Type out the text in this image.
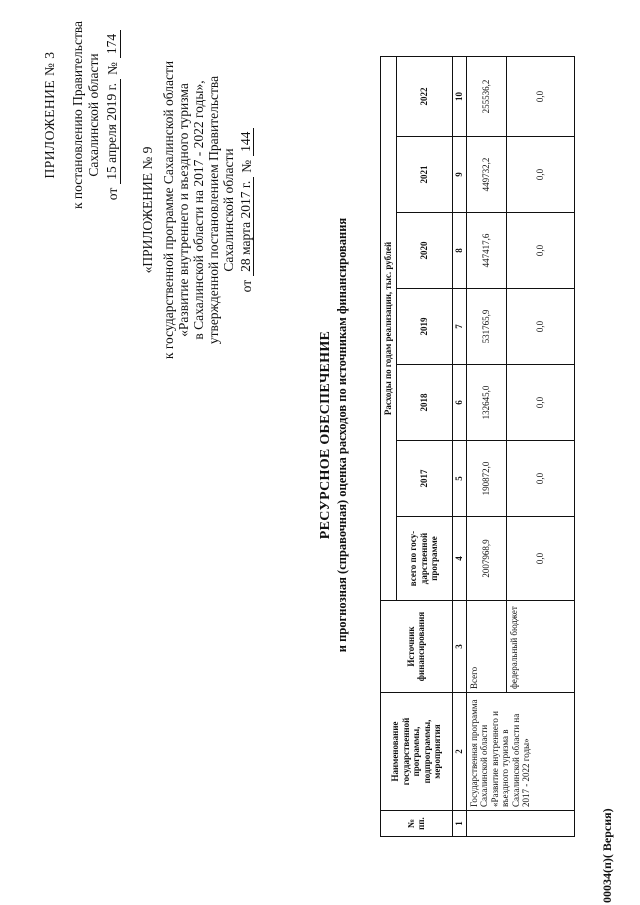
ПРИЛОЖЕНИЕ № 3 к постановлению Правительства Сахалинской области
от
15 апреля 2019 г.
№
174
«ПРИЛОЖЕНИЕ № 9 к государственной программе Сахалинской области «Развитие внутреннего и въездного туризма в Сахалинской области на 2017 - 2022 годы», утвержденной постановлением Правительства Сахалинской области
от
28 марта 2017 г.
№
144
РЕСУРСНОЕ ОБЕСПЕЧЕНИЕ и прогнозная (справочная) оценка расходов по источникам финансирования
№ пп.	Наименование государственной программы, подпрограммы, мероприятия	Источник финансирования	Расходы по годам реализации, тыс. рублей						
			всего по госу- дарственной программе	2017	2018	2019	2020	2021	2022
1	2	3	4	5	6	7	8	9	10
	Государственная программа Сахалинской области «Развитие внутреннего и въездного туризма в Сахалинской области на 2017 - 2022 годы»	Всего	2007968,9	190872,0	132645,0	531765,9	447417,6	449732,2	255536,2
		федеральный бюджет	0,0	0,0	0,0	0,0	0,0	0,0	0,0
00034(п)( Версия)
